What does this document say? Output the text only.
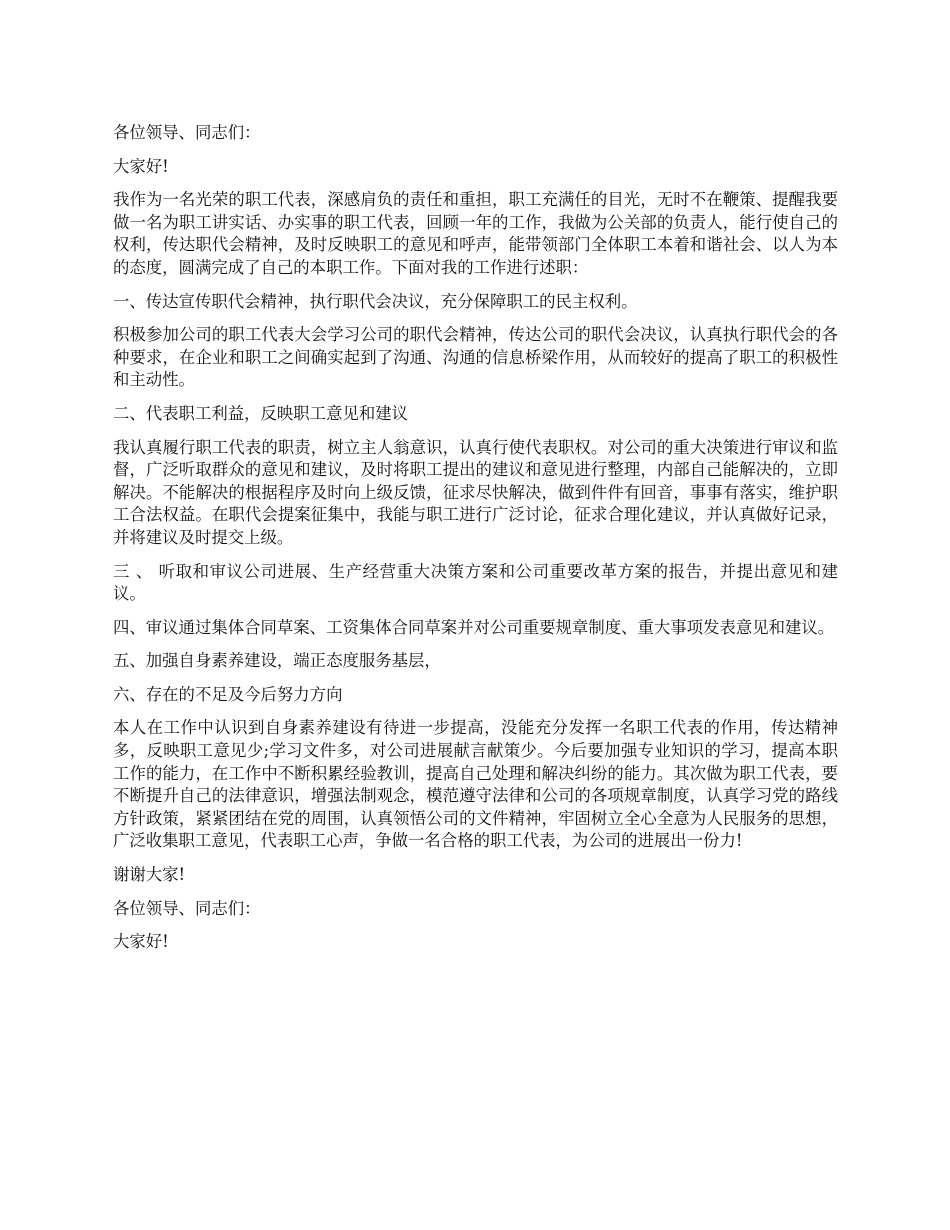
各位领导、同志们：

大家好!

我作为一名光荣的职工代表，深感肩负的责任和重担，职工充满任的目光，无时不在鞭策、提醒我要做一名为职工讲实话、办实事的职工代表，回顾一年的工作，我做为公关部的负责人，能行使自己的权利，传达职代会精神，及时反映职工的意见和呼声，能带领部门全体职工本着和谐社会、以人为本的态度，圆满完成了自己的本职工作。下面对我的工作进行述职：

一、传达宣传职代会精神，执行职代会决议，充分保障职工的民主权利。

积极参加公司的职工代表大会学习公司的职代会精神，传达公司的职代会决议，认真执行职代会的各种要求，在企业和职工之间确实起到了沟通、沟通的信息桥梁作用，从而较好的提高了职工的积极性和主动性。

二、代表职工利益，反映职工意见和建议

我认真履行职工代表的职责，树立主人翁意识，认真行使代表职权。对公司的重大决策进行审议和监督，广泛听取群众的意见和建议，及时将职工提出的建议和意见进行整理，内部自己能解决的，立即解决。不能解决的根据程序及时向上级反馈，征求尽快解决，做到件件有回音，事事有落实，维护职工合法权益。在职代会提案征集中，我能与职工进行广泛讨论，征求合理化建议，并认真做好记录，并将建议及时提交上级。

三 、 听取和审议公司进展、生产经营重大决策方案和公司重要改革方案的报告，并提出意见和建议。

四、审议通过集体合同草案、工资集体合同草案并对公司重要规章制度、重大事项发表意见和建议。

五、加强自身素养建设，端正态度服务基层，

六、存在的不足及今后努力方向

本人在工作中认识到自身素养建设有待进一步提高，没能充分发挥一名职工代表的作用，传达精神多，反映职工意见少;学习文件多，对公司进展献言献策少。今后要加强专业知识的学习，提高本职工作的能力，在工作中不断积累经验教训，提高自己处理和解决纠纷的能力。其次做为职工代表，要不断提升自己的法律意识，增强法制观念，模范遵守法律和公司的各项规章制度，认真学习党的路线方针政策，紧紧团结在党的周围，认真领悟公司的文件精神，牢固树立全心全意为人民服务的思想，广泛收集职工意见，代表职工心声，争做一名合格的职工代表，为公司的进展出一份力!

谢谢大家!

各位领导、同志们：

大家好!
